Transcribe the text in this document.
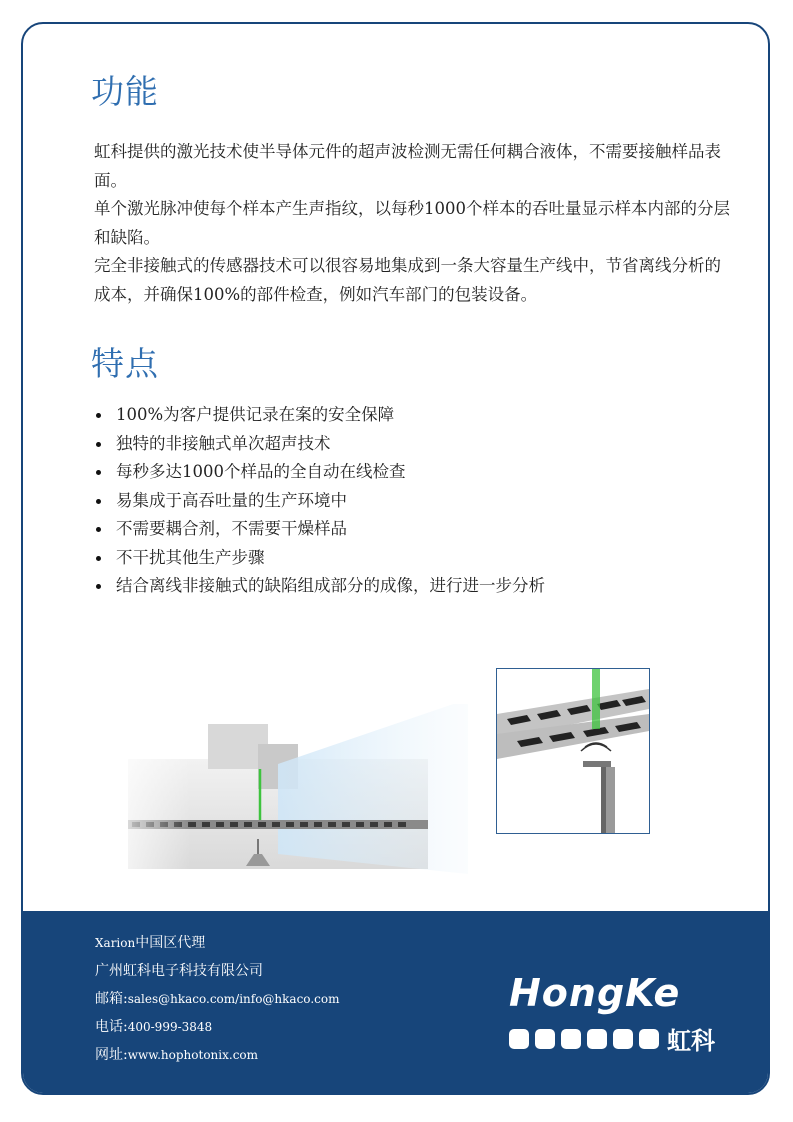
功能

虹科提供的激光技术使半导体元件的超声波检测无需任何耦合液体，不需要接触样品表面。

单个激光脉冲使每个样本产生声指纹，以每秒1000个样本的吞吐量显示样本内部的分层和缺陷。

完全非接触式的传感器技术可以很容易地集成到一条大容量生产线中，节省离线分析的成本，并确保100%的部件检查，例如汽车部门的包装设备。

特点
100%为客户提供记录在案的安全保障
独特的非接触式单次超声技术
每秒多达1000个样品的全自动在线检查
易集成于高吞吐量的生产环境中
不需要耦合剂，不需要干燥样品
不干扰其他生产步骤
结合离线非接触式的缺陷组成部分的成像，进行进一步分析
Xarion中国区代理
广州虹科电子科技有限公司
邮箱:sales@hkaco.com/info@hkaco.com
电话:400-999-3848
网址:www.hophotonix.com
HongKe
虹科
